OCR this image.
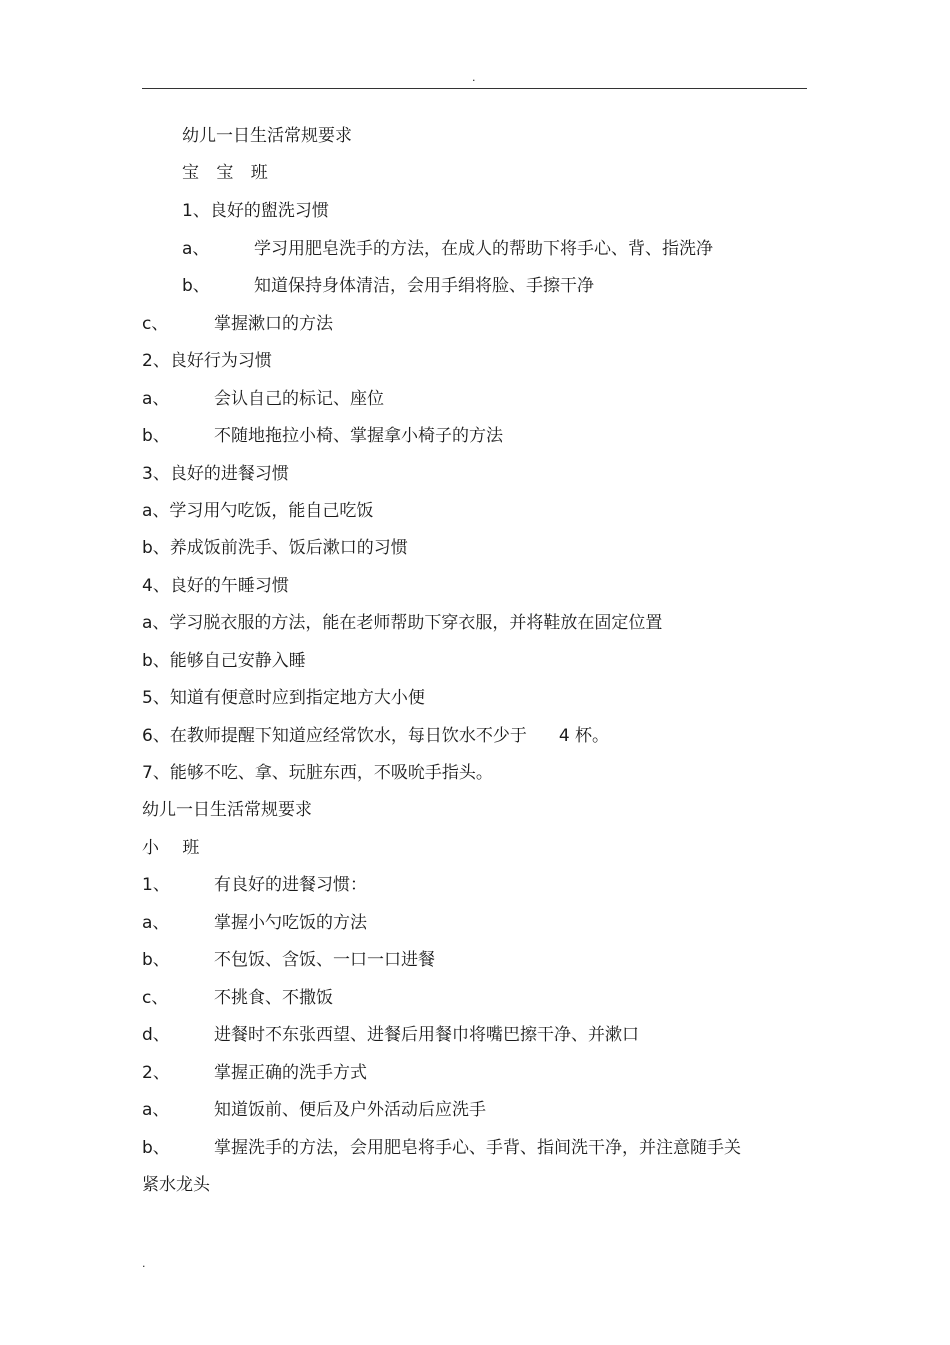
.
幼儿一日生活常规要求
宝 宝 班
1、良好的盥洗习惯
a、	学习用肥皂洗手的方法，在成人的帮助下将手心、背、指洗净
b、	知道保持身体清洁，会用手绢将脸、手擦干净
c、	掌握漱口的方法
2、良好行为习惯
a、	会认自己的标记、座位
b、	不随地拖拉小椅、掌握拿小椅子的方法
3、良好的进餐习惯
a、学习用勺吃饭，能自己吃饭
b、养成饭前洗手、饭后漱口的习惯
4、良好的午睡习惯
a、学习脱衣服的方法，能在老师帮助下穿衣服，并将鞋放在固定位置
b、能够自己安静入睡
5、知道有便意时应到指定地方大小便
6、在教师提醒下知道应经常饮水，每日饮水不少于 4 杯。
7、能够不吃、拿、玩脏东西，不吸吮手指头。
幼儿一日生活常规要求
小 班
1、	有良好的进餐习惯：
a、	掌握小勺吃饭的方法
b、	不包饭、含饭、一口一口进餐
c、	不挑食、不撒饭
d、	进餐时不东张西望、进餐后用餐巾将嘴巴擦干净、并漱口
2、	掌握正确的洗手方式
a、	知道饭前、便后及户外活动后应洗手
b、	掌握洗手的方法，会用肥皂将手心、手背、指间洗干净，并注意随手关
紧水龙头
.
